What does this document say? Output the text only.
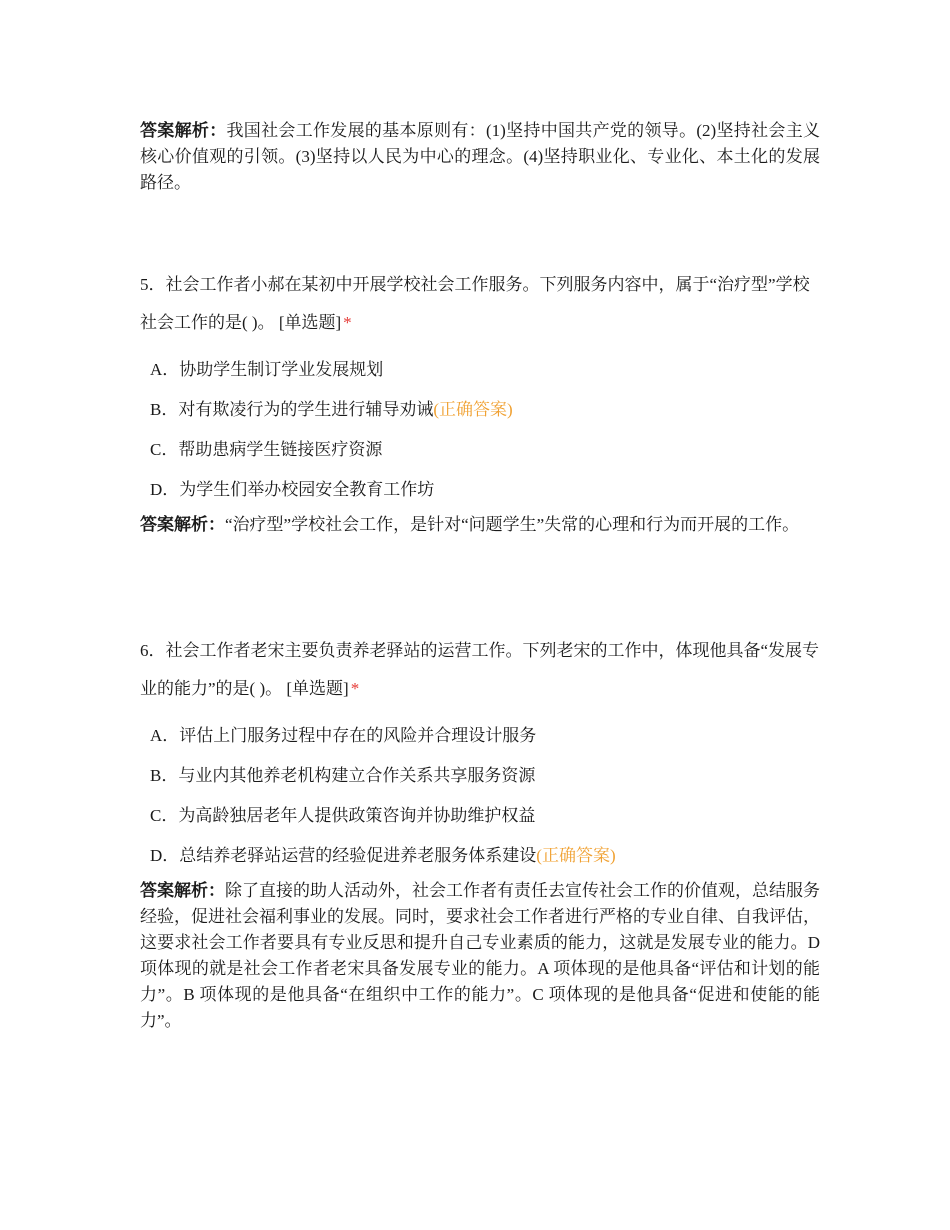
答案解析：我国社会工作发展的基本原则有：(1)坚持中国共产党的领导。(2)坚持社会主义核心价值观的引领。(3)坚持以人民为中心的理念。(4)坚持职业化、专业化、本土化的发展路径。

5．社会工作者小郝在某初中开展学校社会工作服务。下列服务内容中，属于“治疗型”学校社会工作的是( )。 [单选题] *

A．协助学生制订学业发展规划

B．对有欺凌行为的学生进行辅导劝诫(正确答案)

C．帮助患病学生链接医疗资源

D．为学生们举办校园安全教育工作坊

答案解析：“治疗型”学校社会工作，是针对“问题学生”失常的心理和行为而开展的工作。

6．社会工作者老宋主要负责养老驿站的运营工作。下列老宋的工作中，体现他具备“发展专业的能力”的是( )。 [单选题] *

A．评估上门服务过程中存在的风险并合理设计服务

B．与业内其他养老机构建立合作关系共享服务资源

C．为高龄独居老年人提供政策咨询并协助维护权益

D．总结养老驿站运营的经验促进养老服务体系建设(正确答案)

答案解析：除了直接的助人活动外，社会工作者有责任去宣传社会工作的价值观，总结服务经验，促进社会福利事业的发展。同时，要求社会工作者进行严格的专业自律、自我评估，这要求社会工作者要具有专业反思和提升自己专业素质的能力，这就是发展专业的能力。D 项体现的就是社会工作者老宋具备发展专业的能力。A 项体现的是他具备“评估和计划的能力”。B 项体现的是他具备“在组织中工作的能力”。C 项体现的是他具备“促进和使能的能力”。
